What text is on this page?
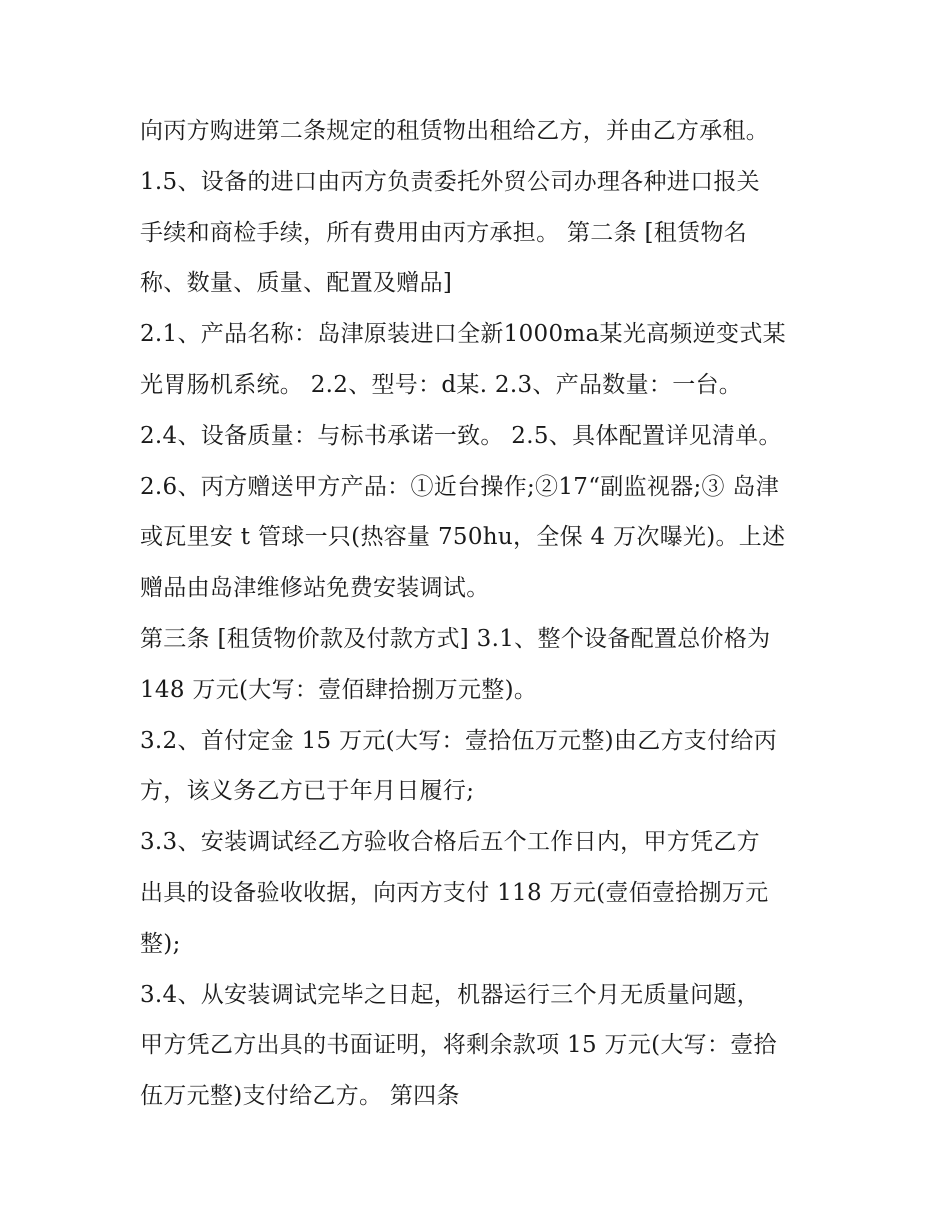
向丙方购进第二条规定的租赁物出租给乙方，并由乙方承租。
1.5、设备的进口由丙方负责委托外贸公司办理各种进口报关
手续和商检手续，所有费用由丙方承担。 第二条 [租赁物名
称、数量、质量、配置及赠品]
2.1、产品名称：岛津原装进口全新1000ma某光高频逆变式某
光胃肠机系统。 2.2、型号：d某. 2.3、产品数量：一台。
2.4、设备质量：与标书承诺一致。 2.5、具体配置详见清单。
2.6、丙方赠送甲方产品：①近台操作;②17“副监视器;③ 岛津
或瓦里安 t 管球一只(热容量 750hu，全保 4 万次曝光)。上述
赠品由岛津维修站免费安装调试。
第三条 [租赁物价款及付款方式] 3.1、整个设备配置总价格为
148 万元(大写：壹佰肆拾捌万元整)。
3.2、首付定金 15 万元(大写：壹拾伍万元整)由乙方支付给丙
方，该义务乙方已于年月日履行;
3.3、安装调试经乙方验收合格后五个工作日内，甲方凭乙方
出具的设备验收收据，向丙方支付 118 万元(壹佰壹拾捌万元
整);
3.4、从安装调试完毕之日起，机器运行三个月无质量问题，
甲方凭乙方出具的书面证明，将剩余款项 15 万元(大写：壹拾
伍万元整)支付给乙方。 第四条
